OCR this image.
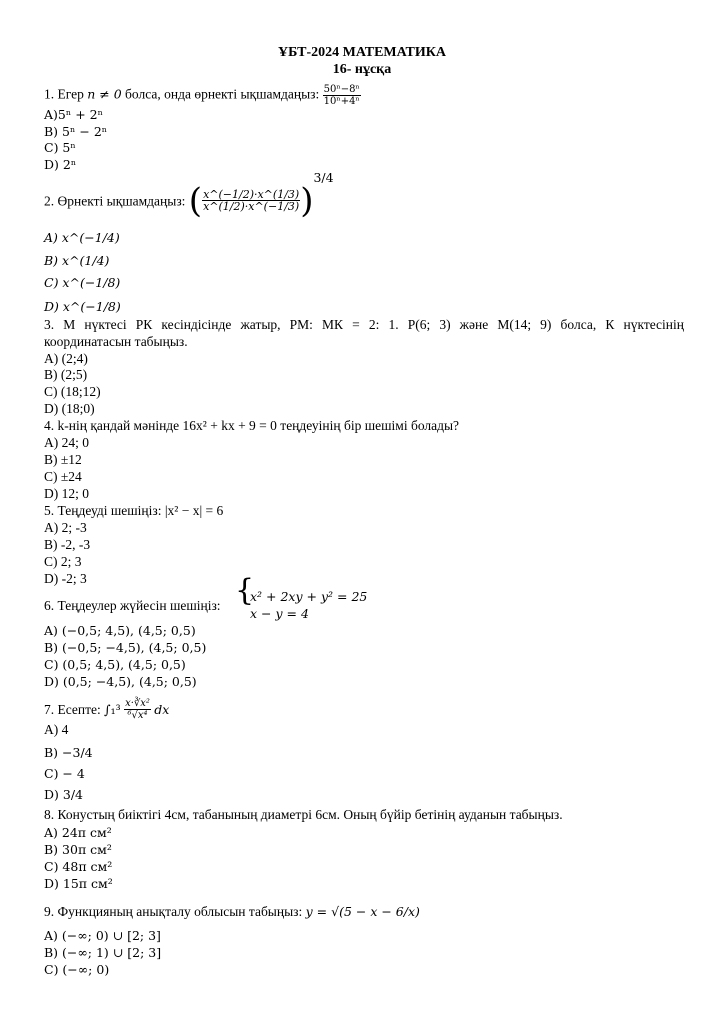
ҰБТ-2024 МАТЕМАТИКА
16- нұсқа
1. Егер n ≠ 0 болса, онда өрнекті ықшамдаңыз: $\frac{\text{50ⁿ−8ⁿ}}{\text{10ⁿ+4ⁿ}}$
A)5ⁿ + 2ⁿ
B) 5ⁿ − 2ⁿ
C) 5ⁿ
D) 2ⁿ
2. Өрнекті ықшамдаңыз: ( $\frac{x\^{}(-1/2)\cdot x\^{}(1/3)}{x\^{}(1/2)\cdot x\^{}(-1/3)} )^{3/4}$
A) x^(−1/4)
B) x^(1/4)
C) x^(−1/8)
D) x^(−1/8)
3. М нүктесі РК кесіндісінде жатыр, РМ: МК = 2: 1. Р(6; 3) және М(14; 9) болса, К нүктесінің
координатасын табыңыз.
A) (2;4)
B) (2;5)
C) (18;12)
D) (18;0)
4. k-нің қандай мәнінде 16x² + kx + 9 = 0 теңдеуінің бір шешімі болады?
A) 24; 0
B) ±12
C) ±24
D) 12; 0
5. Теңдеуді шешіңіз: |x² − x| = 6
A) 2; -3
B) -2, -3
C) 2; 3
D) -2; 3
6. Теңдеулер жүйесін шешіңіз: {
x² + 2xy + y² = 25
x − y = 4
A) (−0,5; 4,5), (4,5; 0,5)
B) (−0,5; −4,5), (4,5; 0,5)
C) (0,5; 4,5), (4,5; 0,5)
D) (0,5; −4,5), (4,5; 0,5)
7. Есепте: $\int_1^3 \frac{\text{x·∛x²}}{\text{⁶√x⁴}}$ dx
A) 4
B) −3/4
C) − 4
D) 3/4
8. Конустың биіктігі 4см, табанының диаметрі 6см. Оның бүйір бетінің ауданын табыңыз.
A) 24π см²
B) 30π см²
C) 48π см²
D) 15π см²
9. Функцияның анықталу облысын табыңыз: y = √(5 − x − 6/x)
A) (−∞; 0) ∪ [2; 3]
B) (−∞; 1) ∪ [2; 3]
C) (−∞; 0)
